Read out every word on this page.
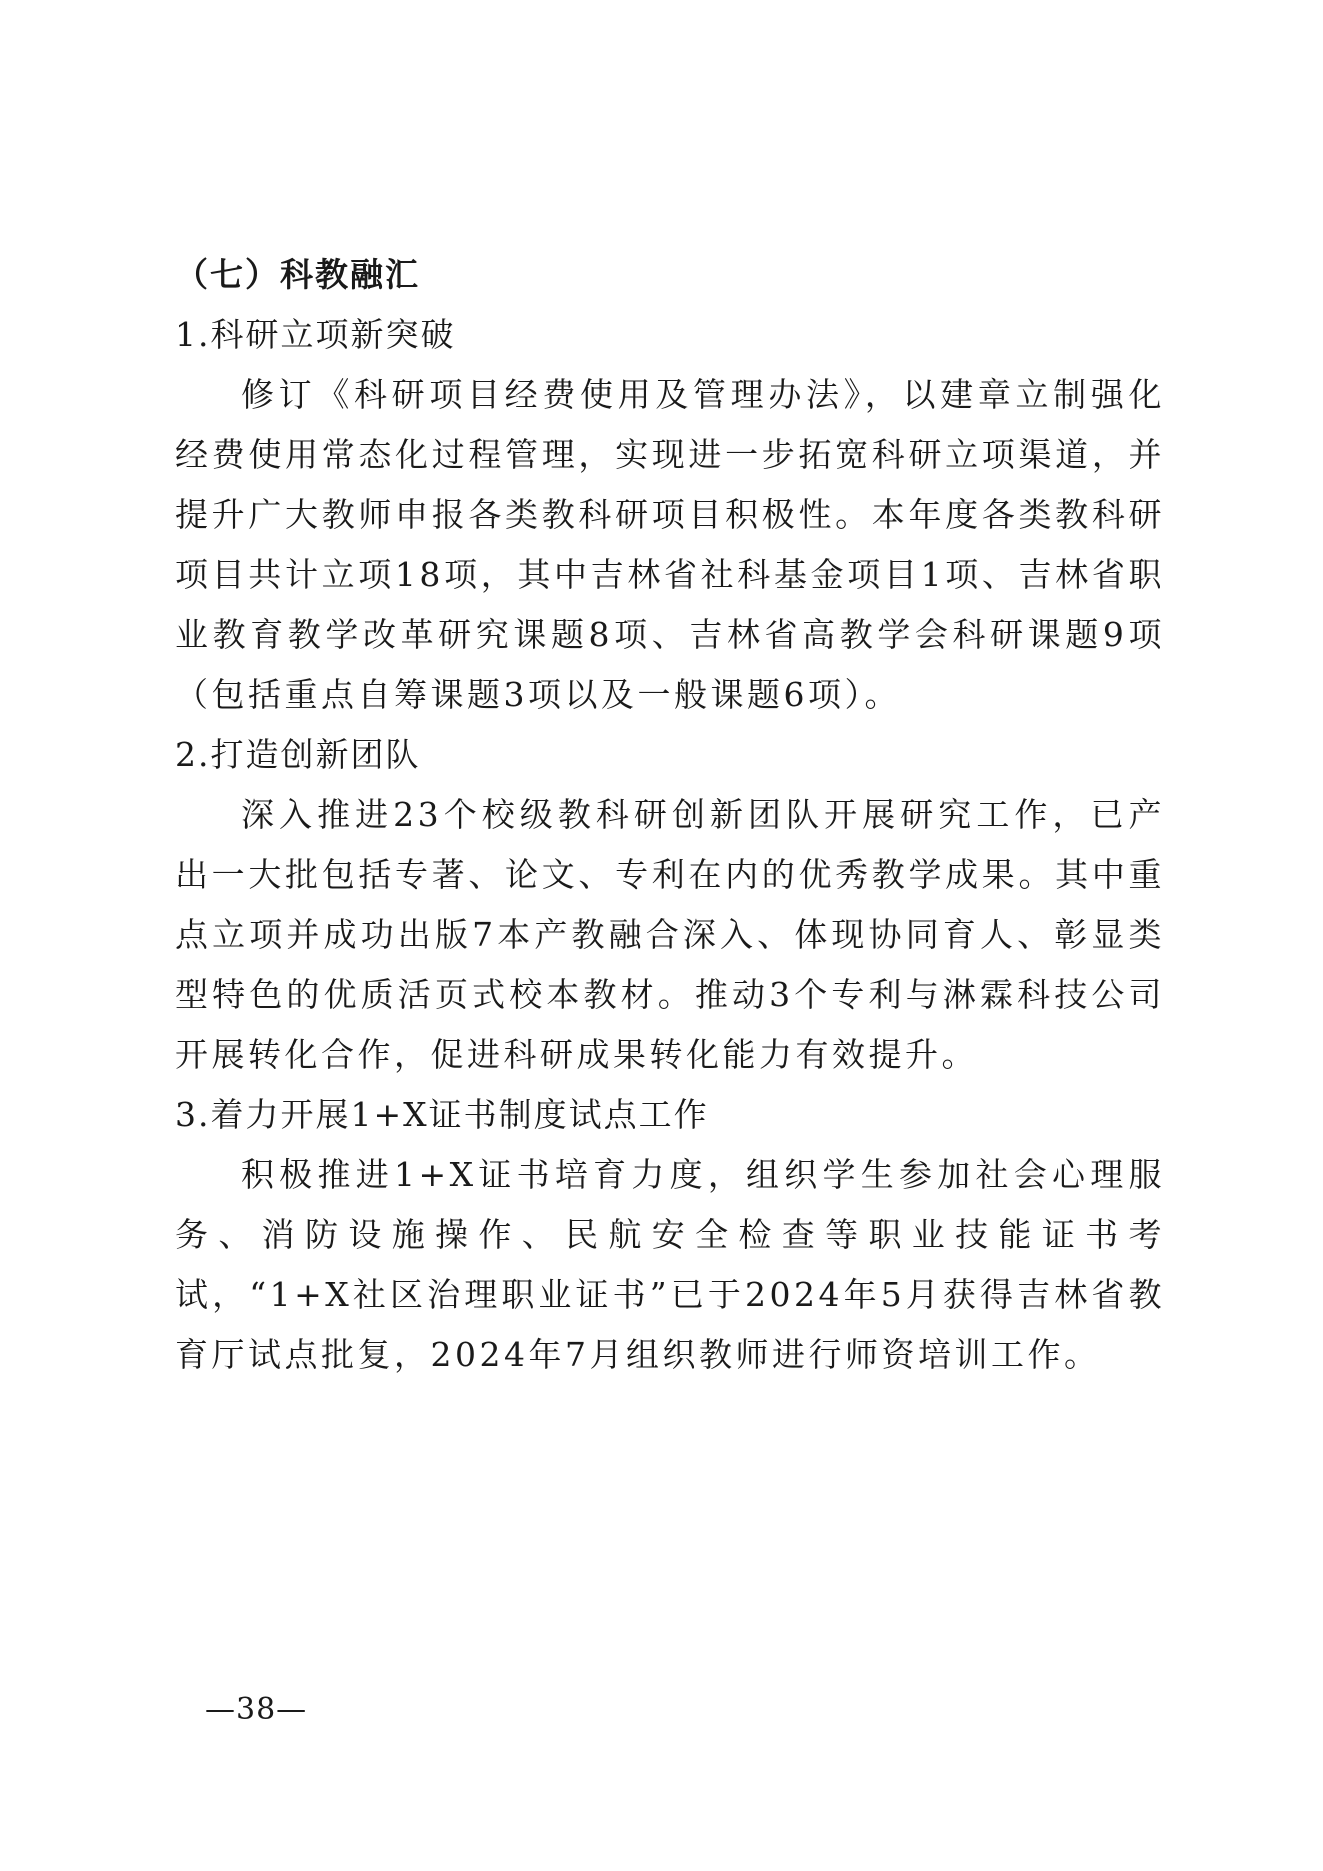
（七）科教融汇
1.科研立项新突破

修订《科研项目经费使用及管理办法》，以建章立制强化经费使用常态化过程管理，实现进一步拓宽科研立项渠道，并提升广大教师申报各类教科研项目积极性。本年度各类教科研项目共计立项18项，其中吉林省社科基金项目1项、吉林省职业教育教学改革研究课题8项、吉林省高教学会科研课题9项（包括重点自筹课题3项以及一般课题6项）。

2.打造创新团队

深入推进23个校级教科研创新团队开展研究工作，已产出一大批包括专著、论文、专利在内的优秀教学成果。其中重点立项并成功出版7本产教融合深入、体现协同育人、彰显类型特色的优质活页式校本教材。推动3个专利与淋霖科技公司开展转化合作，促进科研成果转化能力有效提升。

3.着力开展1+X证书制度试点工作

积极推进1+X证书培育力度，组织学生参加社会心理服务、消防设施操作、民航安全检查等职业技能证书考试，“1+X社区治理职业证书”已于2024年5月获得吉林省教育厅试点批复，2024年7月组织教师进行师资培训工作。

—38—
